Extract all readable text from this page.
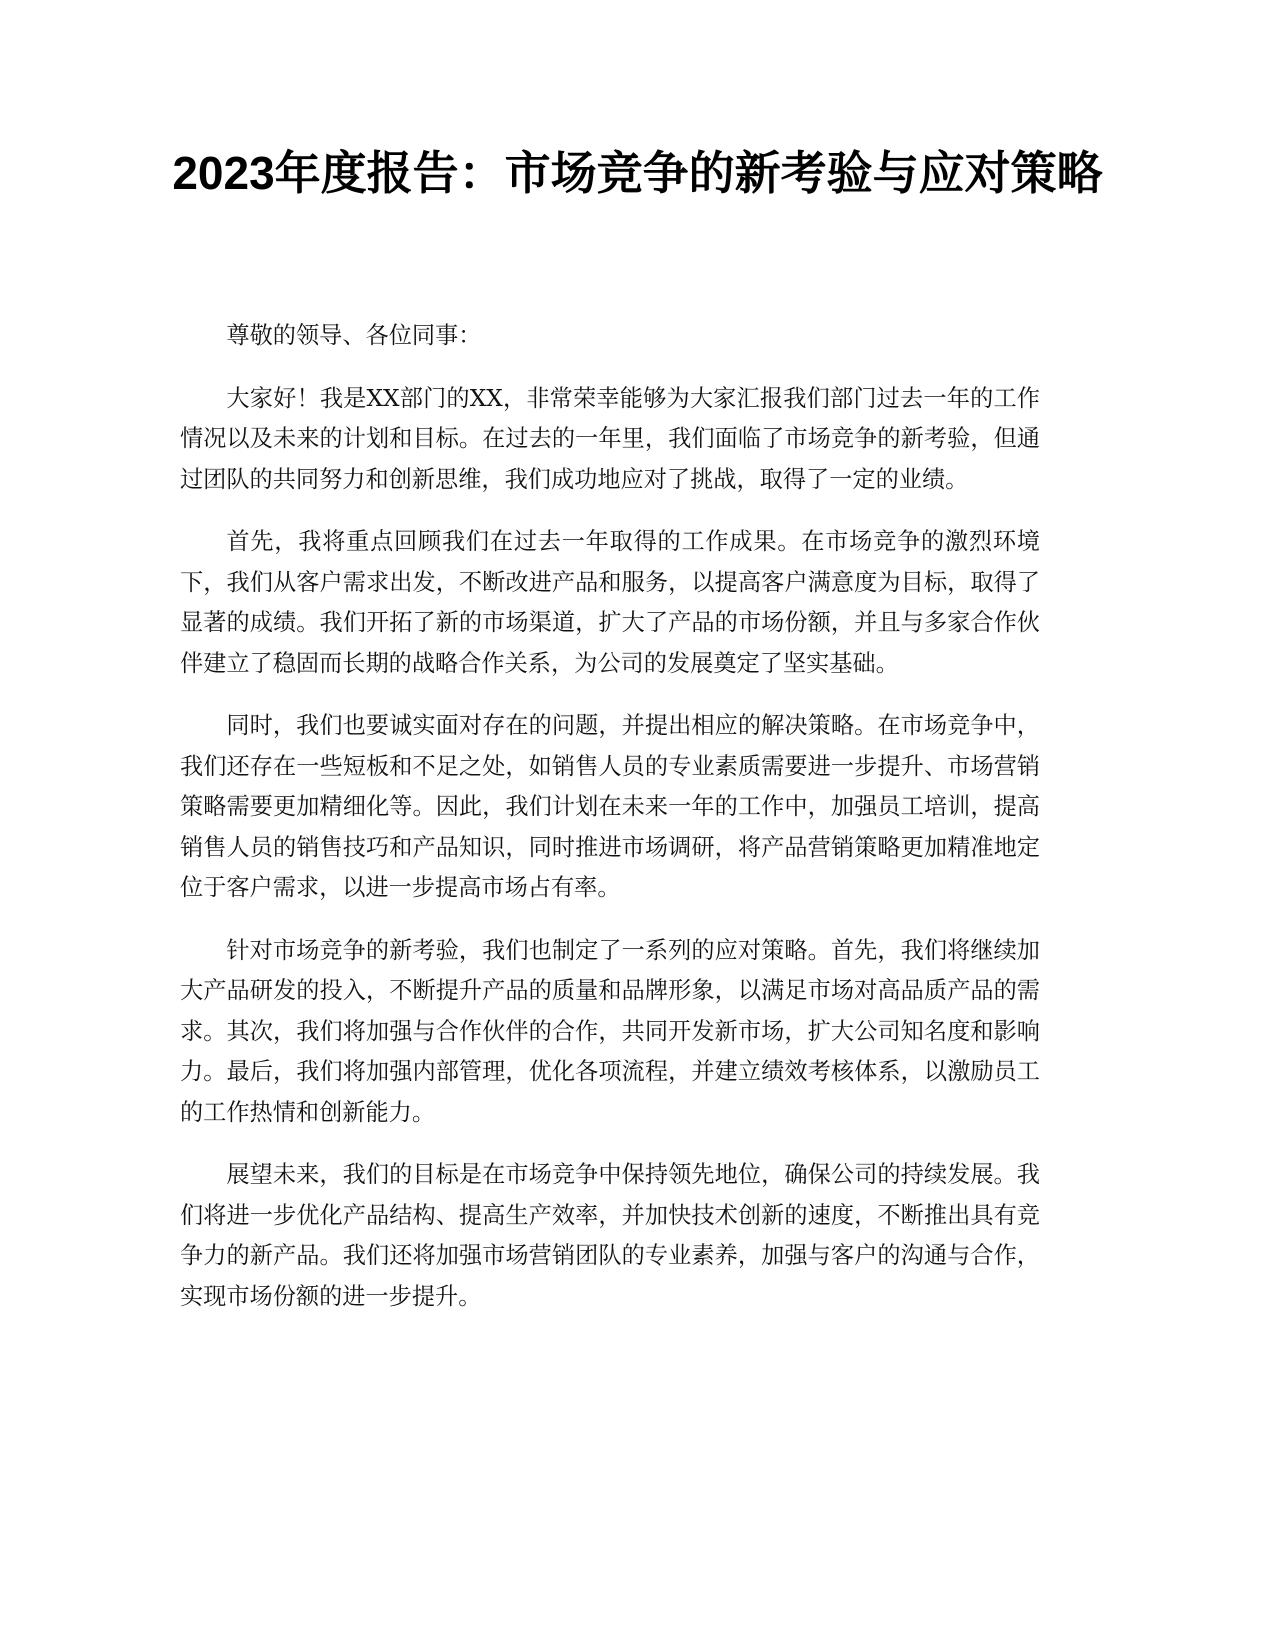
2023年度报告：市场竞争的新考验与应对策略

尊敬的领导、各位同事：

大家好！我是XX部门的XX，非常荣幸能够为大家汇报我们部门过去一年的工作情况以及未来的计划和目标。在过去的一年里，我们面临了市场竞争的新考验，但通过团队的共同努力和创新思维，我们成功地应对了挑战，取得了一定的业绩。

首先，我将重点回顾我们在过去一年取得的工作成果。在市场竞争的激烈环境下，我们从客户需求出发，不断改进产品和服务，以提高客户满意度为目标，取得了显著的成绩。我们开拓了新的市场渠道，扩大了产品的市场份额，并且与多家合作伙伴建立了稳固而长期的战略合作关系，为公司的发展奠定了坚实基础。

同时，我们也要诚实面对存在的问题，并提出相应的解决策略。在市场竞争中，我们还存在一些短板和不足之处，如销售人员的专业素质需要进一步提升、市场营销策略需要更加精细化等。因此，我们计划在未来一年的工作中，加强员工培训，提高销售人员的销售技巧和产品知识，同时推进市场调研，将产品营销策略更加精准地定位于客户需求，以进一步提高市场占有率。

针对市场竞争的新考验，我们也制定了一系列的应对策略。首先，我们将继续加大产品研发的投入，不断提升产品的质量和品牌形象，以满足市场对高品质产品的需求。其次，我们将加强与合作伙伴的合作，共同开发新市场，扩大公司知名度和影响力。最后，我们将加强内部管理，优化各项流程，并建立绩效考核体系，以激励员工的工作热情和创新能力。

展望未来，我们的目标是在市场竞争中保持领先地位，确保公司的持续发展。我们将进一步优化产品结构、提高生产效率，并加快技术创新的速度，不断推出具有竞争力的新产品。我们还将加强市场营销团队的专业素养，加强与客户的沟通与合作，实现市场份额的进一步提升。
